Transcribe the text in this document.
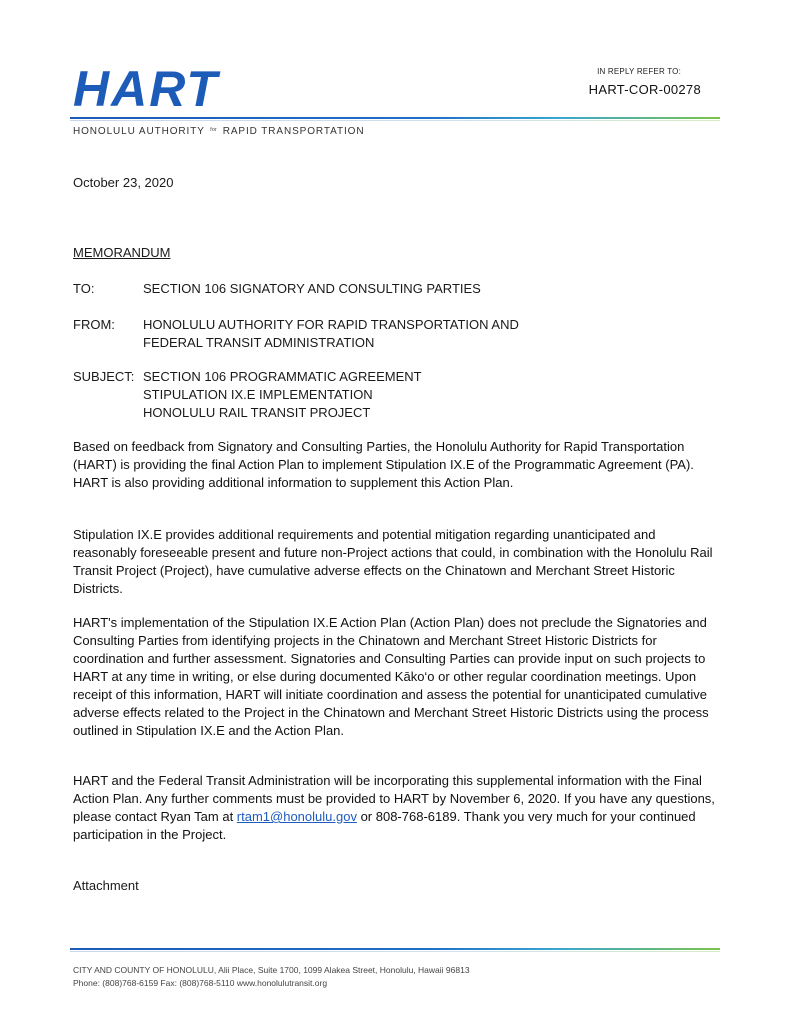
HART	IN REPLY REFER TO:
HART-COR-00278
HONOLULU AUTHORITY $^{for}$ RAPID TRANSPORTATION
October 23, 2020
MEMORANDUM
TO:	SECTION 106 SIGNATORY AND CONSULTING PARTIES
FROM:	HONOLULU AUTHORITY FOR RAPID TRANSPORTATION AND
FEDERAL TRANSIT ADMINISTRATION
SUBJECT: SECTION 106 PROGRAMMATIC AGREEMENT
STIPULATION IX.E IMPLEMENTATION
HONOLULU RAIL TRANSIT PROJECT

Based on feedback from Signatory and Consulting Parties, the Honolulu Authority for Rapid Transportation (HART) is providing the final Action Plan to implement Stipulation IX.E of the Programmatic Agreement (PA). HART is also providing additional information to supplement this Action Plan.

Stipulation IX.E provides additional requirements and potential mitigation regarding unanticipated and reasonably foreseeable present and future non-Project actions that could, in combination with the Honolulu Rail Transit Project (Project), have cumulative adverse effects on the Chinatown and Merchant Street Historic Districts.

HART's implementation of the Stipulation IX.E Action Plan (Action Plan) does not preclude the Signatories and Consulting Parties from identifying projects in the Chinatown and Merchant Street Historic Districts for coordination and further assessment. Signatories and Consulting Parties can provide input on such projects to HART at any time in writing, or else during documented Kāko‘o or other regular coordination meetings. Upon receipt of this information, HART will initiate coordination and assess the potential for unanticipated cumulative adverse effects related to the Project in the Chinatown and Merchant Street Historic Districts using the process outlined in Stipulation IX.E and the Action Plan.

HART and the Federal Transit Administration will be incorporating this supplemental information with the Final Action Plan. Any further comments must be provided to HART by November 6, 2020. If you have any questions, please contact Ryan Tam at rtam1@honolulu.gov or 808-768-6189. Thank you very much for your continued participation in the Project.

Attachment
CITY AND COUNTY OF HONOLULU, Alii Place, Suite 1700, 1099 Alakea Street, Honolulu, Hawaii 96813
Phone: (808)768-6159 Fax: (808)768-5110 www.honolulutransit.org
